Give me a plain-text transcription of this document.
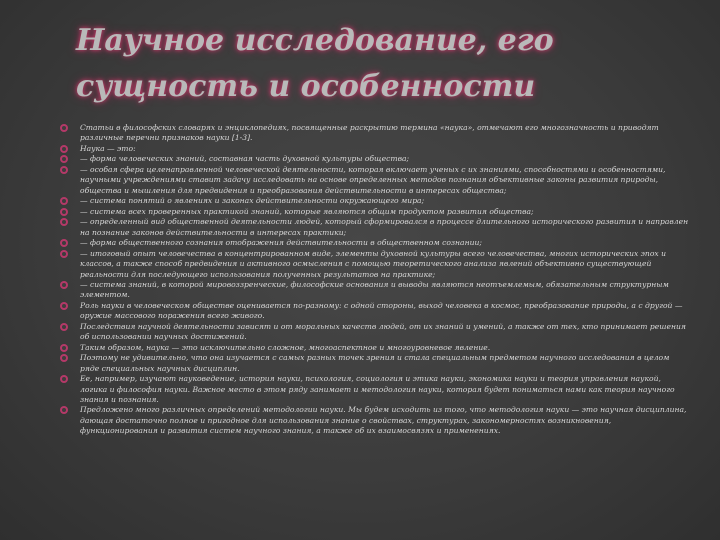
Научное исследование, его сущность и особенности
Статьи в философских словарях и энциклопедиях, посвященные раскрытию термина «наука», отмечают его многозначность и приводят различные перечни признаков науки [1-3].
Наука — это:
— форма человеческих знаний, составная часть духовной культуры общества;
— особая сфера целенаправленной человеческой деятельности, которая включает ученых с их знаниями, способностями и особенностями, научными учреждениями ставит задачу исследовать на основе определенных методов познания объективные законы развития природы, общества и мышления для предвидения и преобразования действительности в интересах общества;
— система понятий о явлениях и законах действительности окружающего мира;
— система всех проверенных практикой знаний, которые являются общим продуктом развития общества;
— определенный вид общественной деятельности людей, который сформировался в процессе длительного исторического развития и направлен на познание законов действительности в интересах практики;
— форма общественного сознания отображения действительности в общественном сознании;
— итоговый опыт человечества в концентрированном виде, элементы духовной культуры всего человечества, многих исторических эпох и классов, а также способ предвидения и активного осмысления с помощью теоретического анализа явлений объективно существующей реальности для последующего использования полученных результатов на практике;
— система знаний, в которой мировоззренческие, философские основания и выводы являются неотъемлемым, обязательным структурным элементом.
Роль науки в человеческом обществе оценивается по-разному: с одной стороны, выход человека в космос, преобразование природы, а с другой — оружие массового поражения всего живого.
Последствия научной деятельности зависят и от моральных качеств людей, от их знаний и умений, а также от тех, кто принимает решения об использовании научных достижений.
Таким образом, наука — это исключительно сложное, многоаспектное и многоуровневое явление.
Поэтому не удивительно, что она изучается с самых разных точек зрения и стала специальным предметом научного исследования в целом ряде специальных научных дисциплин.
Ее, например, изучают науковедение, история науки, психология, социология и этика науки, экономика науки и теория управления наукой, логика и философия науки. Важное место в этом ряду занимает и методология науки, которая будет пониматься нами как теория научного знания и познания.
Предложено много различных определений методологии науки. Мы будем исходить из того, что методология науки — это научная дисциплина, дающая достаточно полное и пригодное для использования знание о свойствах, структурах, закономерностях возникновения, функционирования и развития систем научного знания, а также об их взаимосвязях и применениях.
